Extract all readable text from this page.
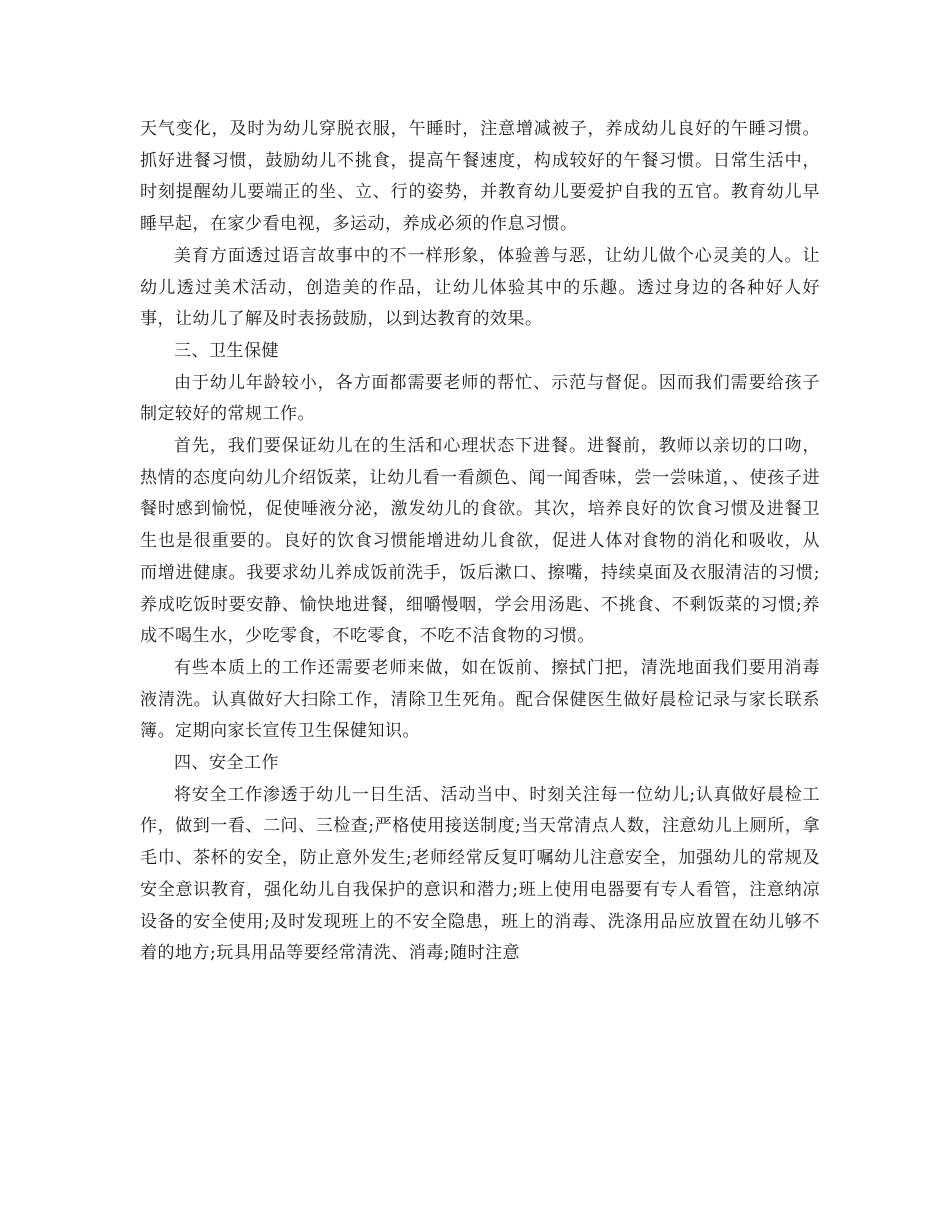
天气变化，及时为幼儿穿脱衣服，午睡时，注意增减被子，养成幼儿良好的午睡习惯。抓好进餐习惯，鼓励幼儿不挑食，提高午餐速度，构成较好的午餐习惯。日常生活中，时刻提醒幼儿要端正的坐、立、行的姿势，并教育幼儿要爱护自我的五官。教育幼儿早睡早起，在家少看电视，多运动，养成必须的作息习惯。

美育方面透过语言故事中的不一样形象，体验善与恶，让幼儿做个心灵美的人。让幼儿透过美术活动，创造美的作品，让幼儿体验其中的乐趣。透过身边的各种好人好事，让幼儿了解及时表扬鼓励，以到达教育的效果。

三、卫生保健

由于幼儿年龄较小，各方面都需要老师的帮忙、示范与督促。因而我们需要给孩子制定较好的常规工作。

首先，我们要保证幼儿在的生活和心理状态下进餐。进餐前，教师以亲切的口吻，热情的态度向幼儿介绍饭菜，让幼儿看一看颜色、闻一闻香味，尝一尝味道，、使孩子进餐时感到愉悦，促使唾液分泌，激发幼儿的食欲。其次，培养良好的饮食习惯及进餐卫生也是很重要的。良好的饮食习惯能增进幼儿食欲，促进人体对食物的消化和吸收，从而增进健康。我要求幼儿养成饭前洗手，饭后漱口、擦嘴，持续桌面及衣服清洁的习惯;养成吃饭时要安静、愉快地进餐，细嚼慢咽，学会用汤匙、不挑食、不剩饭菜的习惯;养成不喝生水，少吃零食，不吃零食，不吃不洁食物的习惯。

有些本质上的工作还需要老师来做，如在饭前、擦拭门把，清洗地面我们要用消毒液清洗。认真做好大扫除工作，清除卫生死角。配合保健医生做好晨检记录与家长联系簿。定期向家长宣传卫生保健知识。

四、安全工作

将安全工作渗透于幼儿一日生活、活动当中、时刻关注每一位幼儿;认真做好晨检工作，做到一看、二问、三检查;严格使用接送制度;当天常清点人数，注意幼儿上厕所，拿毛巾、茶杯的安全，防止意外发生;老师经常反复叮嘱幼儿注意安全，加强幼儿的常规及安全意识教育，强化幼儿自我保护的意识和潜力;班上使用电器要有专人看管，注意纳凉设备的安全使用;及时发现班上的不安全隐患，班上的消毒、洗涤用品应放置在幼儿够不着的地方;玩具用品等要经常清洗、消毒;随时注意
